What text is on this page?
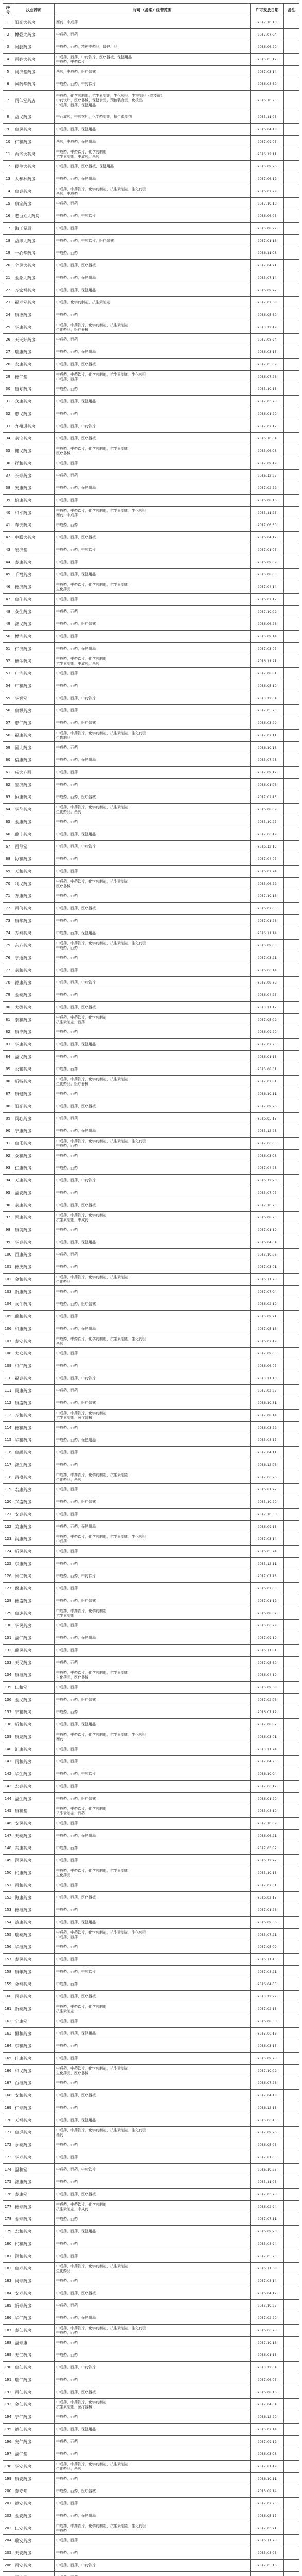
序号	执业药师	许可（备案）经营范围	许可发放日期	备注
1	阳光大药房	西药，中成药	2017.10.10	
2	博爱大药房	中成药，西药	2017.07.04	
3	阿胶药房	中成药，西药，精神类药品，保健用品	2016.06.20	
4	百姓大药房	中成药，西药，中药饮片，医疗器械，保健用品
中成药，中药饮片	2015.05.12	
5	同济堂药房	西药，中成药，医疗器械	2017.03.14	
6	国药堂药房	中成药，西药，中药饮片	2016.08.30	
7	同仁堂药店	中成药，化学药制剂，抗生素制剂，生化药品，生物制品（除疫苗）
中药饮片，医疗器械，保健食品，预包装食品，化妆品
中成药，西药，保健用品	2016.10.25	
8	益民药房	中西成药，中药饮片，化学药制剂，抗生素制剂	2015.11.03	
9	康民药房	中成药，西药，保健用品	2016.04.18	
10	仁和药房	西药，中成药，保健用品	2017.09.05	
11	百济大药房	中成药，中药饮片，化学药制剂
抗生素制剂，中成药，西药	2016.12.11	
12	民生大药房	中成药，西药，医疗器械，保健用品	2015.09.26	
13	大参林药房	中成药，西药，保健用品	2017.06.12	
14	康泰药房	中成药，中药饮片，化学药制剂，抗生素制剂，生化药品
西药，中成药	2016.02.29	
15	康宝药房	中成药，西药	2017.10.10	
16	老百姓大药房	中成药，西药，中药饮片	2016.06.03	
17	海王星辰	中成药，西药	2015.08.22	
18	益丰大药房	中成药，西药，中药饮片，医疗器械	2017.01.16	
19	一心堂药房	中成药，西药	2016.11.08	
20	全民大药房	中成药，西药，医疗器械	2017.04.21	
21	金象大药房	中成药，西药，保健用品	2015.07.14	
22	万家福药房	中成药，西药，保健用品	2016.09.27	
23	福寿堂药房	中成药，化学药制剂，抗生素制剂	2017.02.08	
24	康德药房	中成药，西药	2016.05.30	
25	华康药房	中成药，中药饮片，化学药制剂，抗生素制剂
生化药品，医疗器械	2015.12.19	
26	天天好药房	中成药，西药	2017.08.24	
27	瑞康药房	中成药，西药，保健用品	2016.03.15	
28	永康药房	中成药，西药，医疗器械	2017.05.09	
29	德仁堂	中成药，中药饮片，化学药制剂，抗生素制剂，生化药品
中成药，西药	2016.07.26	
30	康复药房	中成药，西药	2015.10.13	
31	众康药房	中成药，西药，保健用品	2017.03.28	
32	惠民药房	中成药，西药	2016.01.20	
33	九州通药房	中成药，西药，中药饮片	2017.07.17	
34	嘉宝药房	中成药，西药，医疗器械	2016.10.04	
35	健民药房	中成药，中药饮片，化学药制剂，抗生素制剂
医疗器械	2015.06.08	
36	祥和药房	中成药，西药	2017.09.19	
37	长寿药房	中成药，西药	2016.12.27	
38	安康药房	中成药，西药，保健用品	2017.02.22	
39	怡康药房	中成药，西药	2016.08.16	
40	和平药房	中成药，中药饮片，化学药制剂，抗生素制剂，生化药品
西药，中成药	2015.11.25	
41	春天药房	中成药，西药	2017.06.30	
42	中联大药房	中成药，西药，医疗器械	2016.04.12	
43	宏济堂	中成药，西药，中药饮片	2017.01.05	
44	泰康药房	中成药，西药	2016.09.09	
45	千禧药房	中成药，西药，保健用品	2015.08.03	
46	德济药房	中成药，中药饮片，化学药制剂，抗生素制剂
生化药品	2017.04.14	
47	康佳药房	中成药，西药	2016.02.17	
48	众生药房	中成药，西药	2017.10.02	
49	济民药房	中成药，西药，医疗器械	2016.06.26	
50	博济药房	中成药，西药	2015.09.14	
51	仁济药房	中成药，西药，保健用品	2017.03.07	
52	德生药房	中成药，中药饮片，化学药制剂
抗生素制剂，中成药，西药	2016.11.21	
53	广济药房	中成药，西药	2017.08.01	
54	广和药房	中成药，西药	2016.05.10	
55	华润堂	中成药，西药，中药饮片	2015.12.04	
56	康源药房	中成药，西药	2017.05.23	
57	惠仁药房	中成药，西药，医疗器械	2016.03.29	
58	福康药房	中成药，中药饮片，化学药制剂，抗生素制剂，生化药品
生物制品	2017.07.11	
59	国大药房	中成药，西药	2016.10.18	
60	信康药房	中成药，西药，保健用品	2015.07.28	
61	成大方圆	中成药，西药	2017.09.12	
62	宝济药房	中成药，西药	2016.01.06	
63	恒康药房	中成药，西药，医疗器械	2017.02.15	
64	华佗药房	中成药，中药饮片，化学药制剂，抗生素制剂
生化药品，西药	2016.08.09	
65	金康药房	中成药，西药	2015.10.27	
66	瑞丰药房	中成药，西药，保健用品	2017.06.19	
67	百草堂	中成药，西药，中药饮片	2016.12.13	
68	协和药房	中成药，西药	2017.04.07	
69	天和药房	中成药，西药	2016.02.24	
70	利民药房	中成药，中药饮片，化学药制剂，抗生素制剂
医疗器械	2015.06.22	
71	万康药房	中成药，西药	2017.10.16	
72	百信药房	中成药，西药，医疗器械	2016.07.05	
73	康华药房	中成药，西药	2017.01.26	
74	万福药房	中成药，西药，保健用品	2016.11.14	
75	东方药房	中成药，中药饮片，化学药制剂，抗生素制剂，生化药品
中成药，西药	2015.09.03	
76	亨通药房	中成药，西药	2017.03.21	
77	嘉和药房	中成药，西药	2016.06.14	
78	德康药房	中成药，西药，中药饮片	2017.08.28	
79	金泰药房	中成药，西药	2016.04.25	
80	大德药房	中成药，西药，医疗器械	2015.11.17	
81	泰和药房	中成药，中药饮片，化学药制剂
抗生素制剂，西药	2017.05.02	
82	康宁药房	中成药，西药	2016.09.20	
83	华康药房	中成药，西药，保健用品	2017.07.25	
84	福民药房	中成药，西药	2016.01.13	
85	永和药房	中成药，西药	2015.08.31	
86	新特药房	中成药，中药饮片，化学药制剂，抗生素制剂
生化药品，医疗器械	2017.02.01	
87	康健药房	中成药，西药	2016.10.11	
88	阳光药房	中成药，西药，医疗器械	2017.09.26	
89	同心药房	中成药，西药	2016.05.17	
90	宁康药房	中成药，西药，保健用品	2015.12.28	
91	康乐药房	中成药，中药饮片，化学药制剂，抗生素制剂，生化药品
中成药，西药	2017.06.05	
92	众和药房	中成药，西药	2016.03.08	
93	仁康药房	中成药，西药	2017.04.28	
94	天康药房	中成药，西药，中药饮片	2016.12.20	
95	福安药房	中成药，西药	2015.07.07	
96	嘉康药房	中成药，西药，医疗器械	2017.10.23	
97	国康药房	中成药，中药饮片，化学药制剂
抗生素制剂，中成药	2016.08.23	
98	康美药房	中成药，西药	2017.01.19	
99	华泰药房	中成药，西药，保健用品	2016.04.04	
100	百康药房	中成药，西药	2015.10.06	
101	德庆药房	中成药，西药	2017.03.01	
102	金和药房	中成药，中药饮片，化学药制剂，抗生素制剂
生化药品	2016.11.28	
103	新康药房	中成药，西药	2017.07.04	
104	永生药房	中成药，西药，医疗器械	2016.02.10	
105	瑞和药房	中成药，西药	2015.09.21	
106	和康药房	中成药，西药，保健用品	2017.05.16	
107	泰安药房	中成药，中药饮片，化学药制剂，抗生素制剂，生化药品
西药	2016.07.19	
108	大众药房	中成药，西药	2017.09.05	
109	和仁药房	中成药，西药	2016.06.07	
110	福泰药房	中成药，西药，中药饮片	2015.11.10	
111	同康药房	中成药，西药	2017.02.27	
112	康盛药房	中成药，西药，医疗器械	2016.10.31	
113	万和药房	中成药，中药饮片，化学药制剂
抗生素制剂，医疗器械	2017.08.14	
114	德和药房	中成药，西药	2016.03.22	
115	华和药房	中成药，西药，保健用品	2015.08.17	
116	康顺药房	中成药，西药	2017.04.11	
117	济生药房	中成药，西药	2016.12.06	
118	昌盛药房	中成药，中药饮片，化学药制剂，抗生素制剂
生化药品，西药	2017.06.26	
119	宏康药房	中成药，西药	2016.01.27	
120	兴盛药房	中成药，西药，医疗器械	2015.10.20	
121	安泰药房	中成药，西药	2017.10.30	
122	美康药房	中成药，西药，保健用品	2016.09.13	
123	润康药房	中成药，中药饮片，化学药制剂，抗生素制剂，生化药品
中成药	2017.03.14	
124	新民药房	中成药，西药	2016.05.24	
125	东康药房	中成药，西药	2015.12.11	
126	国仁药房	中成药，西药，中药饮片	2017.07.18	
127	保康药房	中成药，西药	2016.02.03	
128	德盛药房	中成药，西药，医疗器械	2017.01.12	
129	康达药房	中成药，中药饮片，化学药制剂
抗生素制剂	2016.08.02	
130	华民药房	中成药，西药	2015.06.29	
131	福仁药房	中成药，西药，保健用品	2017.09.19	
132	瑞民药房	中成药，西药	2016.11.01	
133	天民药房	中成药，西药	2017.05.30	
134	康福药房	中成药，中药饮片，化学药制剂，抗生素制剂
生化药品，医疗器械	2016.04.19	
135	仁和堂	中成药，西药	2015.09.08	
136	金民药房	中成药，西药，医疗器械	2017.02.06	
137	宁和药房	中成药，西药	2016.07.12	
138	新和药房	中成药，西药，保健用品	2017.08.07	
139	康泉药房	中成药，中药饮片，化学药制剂，抗生素制剂，生化药品
西药	2016.03.01	
140	汇康药房	中成药，西药	2015.11.24	
141	同和药房	中成药，西药	2017.04.25	
142	华生药房	中成药，西药，中药饮片	2016.10.04	
143	宏泰药房	中成药，西药	2017.06.12	
144	福生药房	中成药，西药，医疗器械	2016.01.20	
145	康和堂	中成药，中药饮片，化学药制剂
抗生素制剂，西药	2015.08.10	
146	安民药房	中成药，西药	2017.10.09	
147	天泰药房	中成药，西药，保健用品	2016.06.21	
148	吉康药房	中成药，西药	2017.03.07	
149	润民药房	中成药，西药	2016.12.27	
150	民康药房	中成药，中药饮片，化学药制剂，抗生素制剂
生化药品	2015.10.13	
151	百和药房	中成药，西药	2017.07.31	
152	海康药房	中成药，西药，医疗器械	2016.02.17	
153	德福药房	中成药，西药	2017.01.26	
154	益康药房	中成药，西药，保健用品	2016.09.06	
155	瑞泰药房	中成药，中药饮片，化学药制剂，抗生素制剂，生化药品
中成药，西药	2015.07.21	
156	华福药房	中成药，西药	2017.05.09	
157	泰民药房	中成药，西药	2016.11.15	
158	康年药房	中成药，西药，中药饮片	2017.08.21	
159	金福药房	中成药，西药	2016.04.05	
160	同泰药房	中成药，西药，医疗器械	2015.12.22	
161	新泰药房	中成药，中药饮片，化学药制剂
抗生素制剂	2017.02.13	
162	宁康堂	中成药，西药	2016.08.30	
163	恒和药房	中成药，西药，保健用品	2017.06.19	
164	东和药房	中成药，西药	2016.03.15	
165	佳康药房	中成药，西药	2015.09.28	
166	和民药房	中成药，中药饮片，化学药制剂，抗生素制剂
生化药品，医疗器械	2017.10.02	
167	百福药房	中成药，西药	2016.07.26	
168	安和药房	中成药，西药，医疗器械	2017.04.18	
169	仁寿药房	中成药，西药	2016.12.13	
170	天福药房	中成药，西药，保健用品	2015.06.15	
171	康运药房	中成药，中药饮片，化学药制剂，抗生素制剂，生化药品
西药	2017.09.26	
172	永泰药房	中成药，西药	2016.05.03	
173	华寿药房	中成药，西药	2017.01.05	
174	福和堂	中成药，西药，中药饮片	2016.10.25	
175	济康药房	中成药，西药	2015.11.03	
176	泰康堂	中成药，西药，医疗器械	2017.03.28	
177	德寿药房	中成药，中药饮片，化学药制剂
抗生素制剂，中成药	2016.02.24	
178	金寿药房	中成药，西药	2017.07.11	
179	宏和药房	中成药，西药，保健用品	2016.09.20	
180	民和药房	中成药，西药	2015.08.24	
181	润和药房	中成药，西药	2017.05.23	
182	康寿药房	中成药，中药饮片，化学药制剂，抗生素制剂
生化药品	2016.11.08	
183	同寿药房	中成药，西药	2017.08.14	
184	安寿药房	中成药，西药，医疗器械	2016.04.12	
185	新寿药房	中成药，西药	2015.10.27	
186	华仁药房	中成药，西药，保健用品	2017.02.20	
187	泰仁药房	中成药，中药饮片，化学药制剂，抗生素制剂，生化药品
中成药，西药	2016.06.28	
188	福寿康	中成药，西药	2017.10.16	
189	天仁药房	中成药，西药	2016.01.13	
190	康仁药房	中成药，西药，中药饮片	2015.12.04	
191	瑞仁药房	中成药，西药	2017.06.05	
192	百仁药房	中成药，西药，医疗器械	2016.08.16	
193	金仁药房	中成药，中药饮片，化学药制剂
抗生素制剂，医疗器械	2017.04.04	
194	宁仁药房	中成药，西药	2016.12.20	
195	德仁药房	中成药，西药，保健用品	2015.07.14	
196	安仁药房	中成药，西药	2017.09.12	
197	福仁堂	中成药，西药	2016.03.08	
198	华安药房	中成药，中药饮片，化学药制剂，抗生素制剂
生化药品，西药	2017.01.19	
199	康安药房	中成药，西药	2016.10.11	
200	泰安堂	中成药，西药，医疗器械	2015.09.14	
201	德安药房	中成药，西药	2017.07.25	
202	金安药房	中成药，西药，保健用品	2016.05.17	
203	仁安药房	中成药，中药饮片，化学药制剂，抗生素制剂，生化药品
中成药	2017.03.21	
204	瑞安药房	中成药，西药	2016.11.28	
205	天安药房	中成药，西药	2015.08.03	
206	百安药房	中成药，西药，中药饮片	2017.05.16	
